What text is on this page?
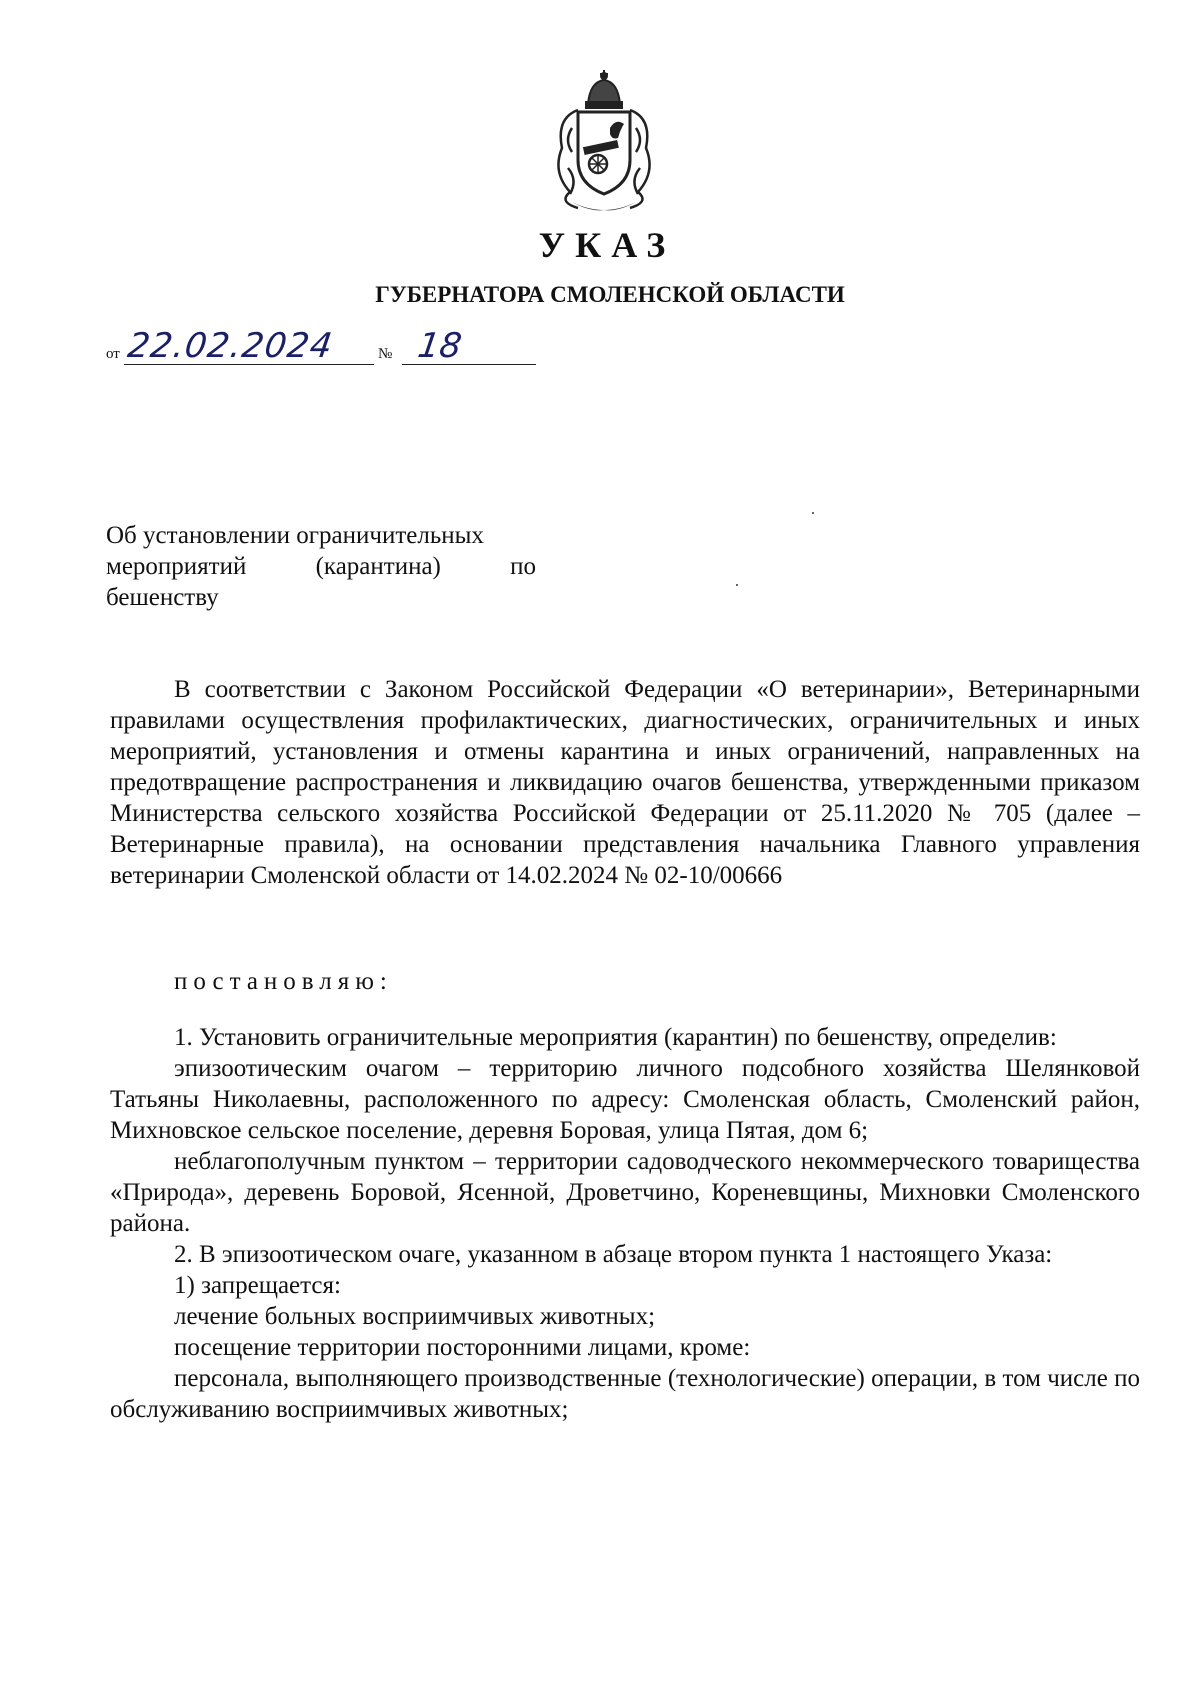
УКАЗ
ГУБЕРНАТОРА СМОЛЕНСКОЙ ОБЛАСТИ
от 22.02.2024	№ 18
Об установлении ограничительных
мероприятий (карантина) по
бешенству

В соответствии с Законом Российской Федерации «О ветеринарии», Ветеринарными правилами осуществления профилактических, диагностических, ограничительных и иных мероприятий, установления и отмены карантина и иных ограничений, направленных на предотвращение распространения и ликвидацию очагов бешенства, утвержденными приказом Министерства сельского хозяйства Российской Федерации от 25.11.2020 № 705 (далее – Ветеринарные правила), на основании представления начальника Главного управления ветеринарии Смоленской области от 14.02.2024 № 02-10/00666

постановляю:

1. Установить ограничительные мероприятия (карантин) по бешенству, определив:

эпизоотическим очагом – территорию личного подсобного хозяйства Шелянковой Татьяны Николаевны, расположенного по адресу: Смоленская область, Смоленский район, Михновское сельское поселение, деревня Боровая, улица Пятая, дом 6;

неблагополучным пунктом – территории садоводческого некоммерческого товарищества «Природа», деревень Боровой, Ясенной, Дроветчино, Кореневщины, Михновки Смоленского района.

2. В эпизоотическом очаге, указанном в абзаце втором пункта 1 настоящего Указа:

1) запрещается:

лечение больных восприимчивых животных;

посещение территории посторонними лицами, кроме:

персонала, выполняющего производственные (технологические) операции, в том числе по обслуживанию восприимчивых животных;
